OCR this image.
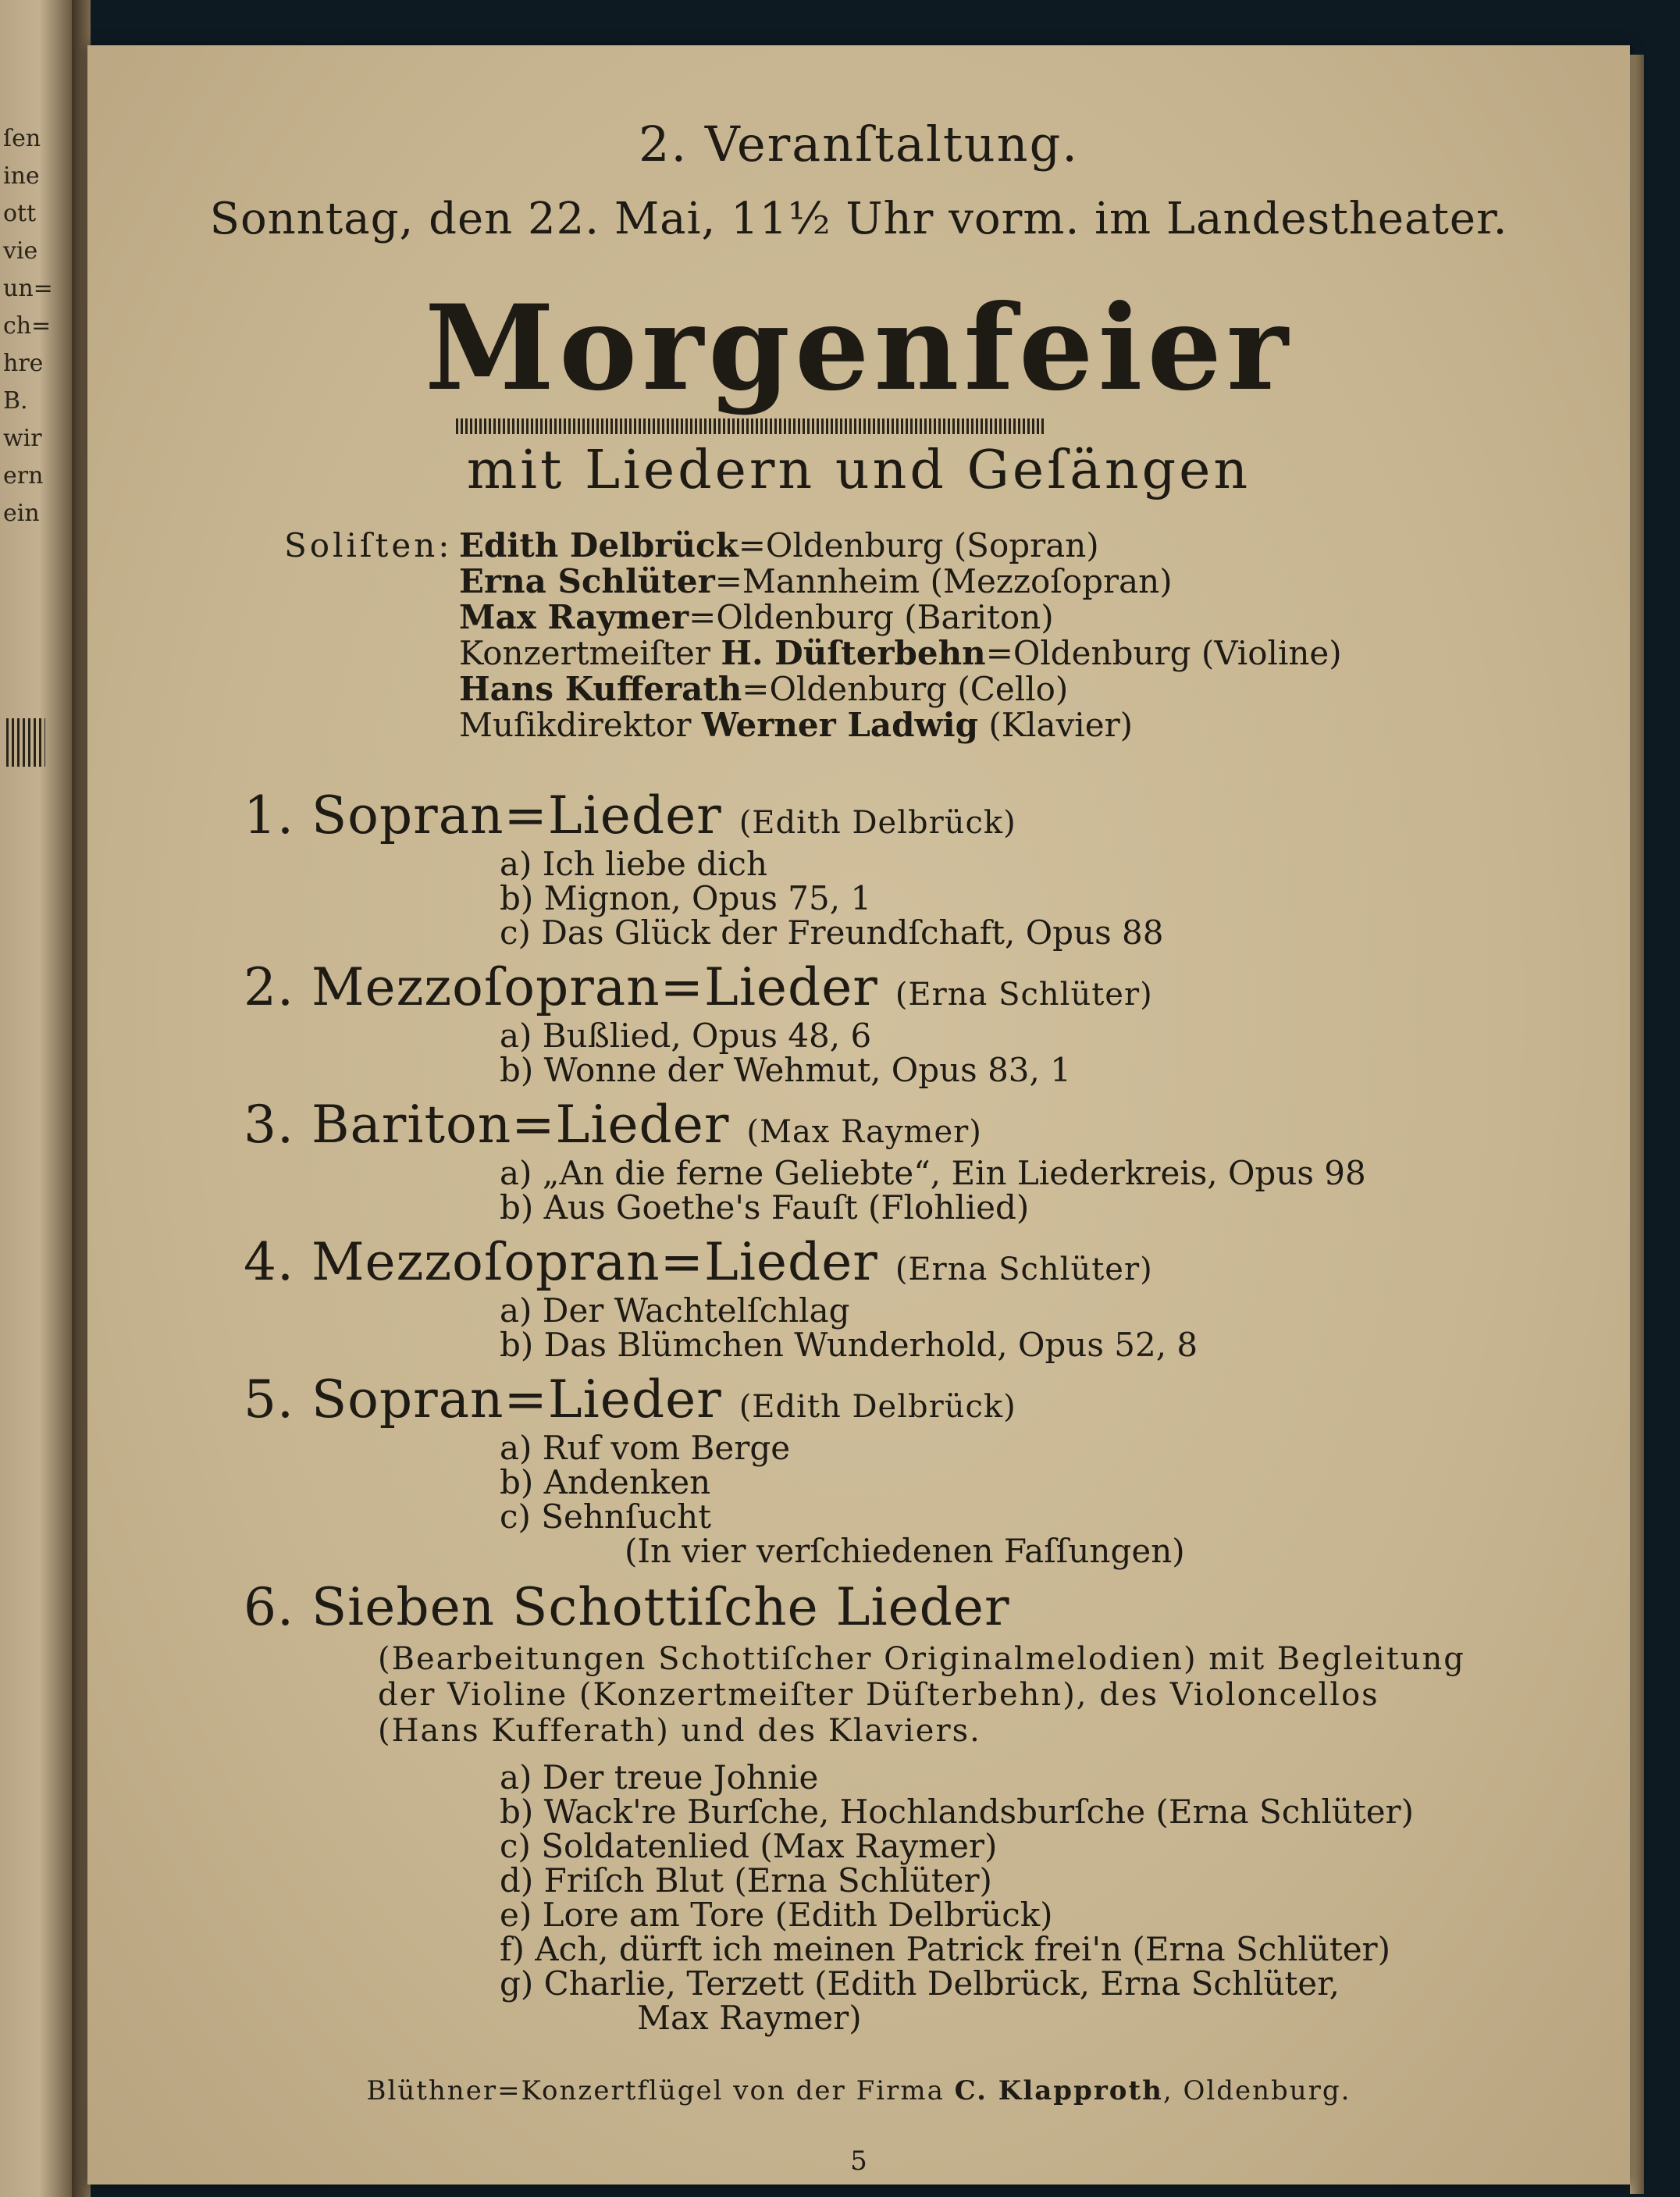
ſen
ine
ott
vie
un=
ch=
hre
B.
wir
ern
ein
2. Veranſtaltung.
Sonntag, den 22. Mai, 11½ Uhr vorm. im Landestheater.
Morgenfeier
mit Liedern und Geſängen
Soliſten: Edith Delbrück=Oldenburg (Sopran)
Erna Schlüter=Mannheim (Mezzoſopran)
Max Raymer=Oldenburg (Bariton)
Konzertmeiſter H. Düſterbehn=Oldenburg (Violine)
Hans Kufferath=Oldenburg (Cello)
Muſikdirektor Werner Ladwig (Klavier)
1. Sopran=Lieder (Edith Delbrück)
a) Ich liebe dich
b) Mignon, Opus 75, 1
c) Das Glück der Freundſchaft, Opus 88
2. Mezzoſopran=Lieder (Erna Schlüter)
a) Bußlied, Opus 48, 6
b) Wonne der Wehmut, Opus 83, 1
3. Bariton=Lieder (Max Raymer)
a) „An die ferne Geliebte“, Ein Liederkreis, Opus 98
b) Aus Goethe's Fauſt (Flohlied)
4. Mezzoſopran=Lieder (Erna Schlüter)
a) Der Wachtelſchlag
b) Das Blümchen Wunderhold, Opus 52, 8
5. Sopran=Lieder (Edith Delbrück)
a) Ruf vom Berge
b) Andenken
c) Sehnſucht
(In vier verſchiedenen Faſſungen)
6. Sieben Schottiſche Lieder
(Bearbeitungen Schottiſcher Originalmelodien) mit Begleitung
der Violine (Konzertmeiſter Düſterbehn), des Violoncellos
(Hans Kufferath) und des Klaviers.
a) Der treue Johnie
b) Wack're Burſche, Hochlandsburſche (Erna Schlüter)
c) Soldatenlied (Max Raymer)
d) Friſch Blut (Erna Schlüter)
e) Lore am Tore (Edith Delbrück)
f) Ach, dürft ich meinen Patrick frei'n (Erna Schlüter)
g) Charlie, Terzett (Edith Delbrück, Erna Schlüter,
Max Raymer)
Blüthner=Konzertflügel von der Firma C. Klapproth, Oldenburg.
5
